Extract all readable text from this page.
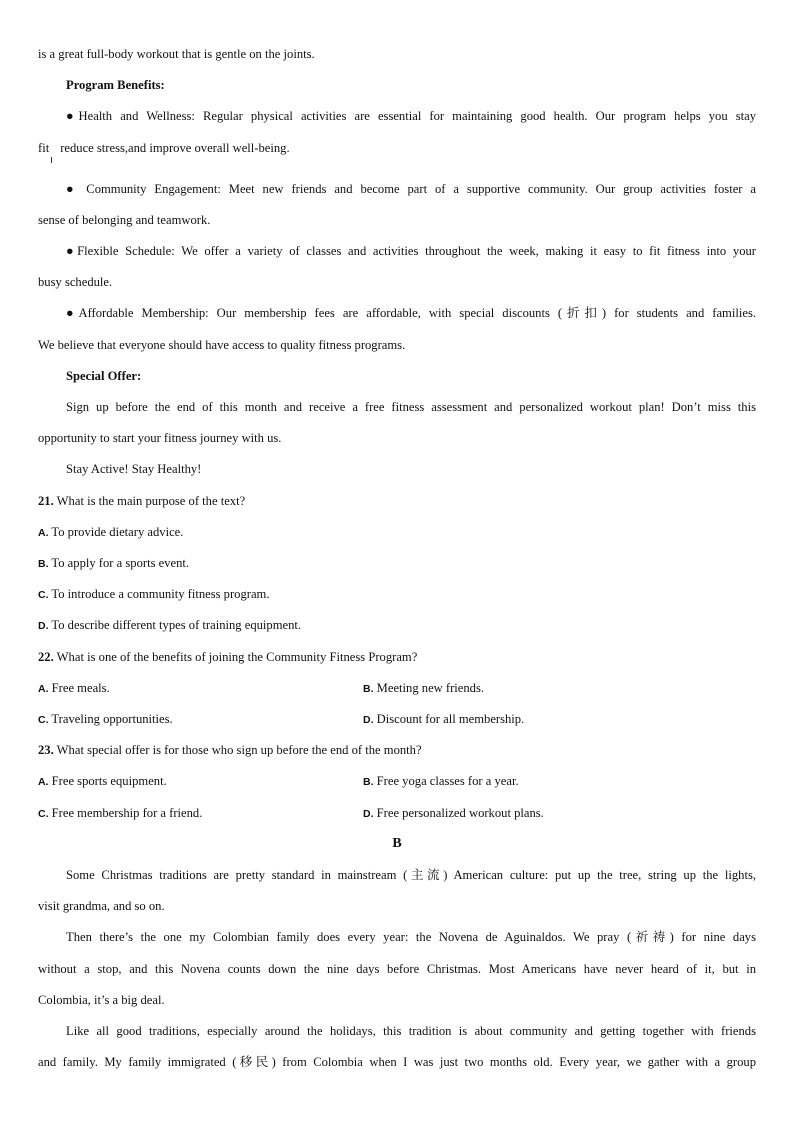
is a great full-body workout that is gentle on the joints.
Program Benefits:
●Health and Wellness: Regular physical activities are essential for maintaining good health. Our program helps you stay
fit reduce stress,and improve overall well-being.
● Community Engagement: Meet new friends and become part of a supportive community. Our group activities foster a
sense of belonging and teamwork.
●Flexible Schedule: We offer a variety of classes and activities throughout the week, making it easy to fit fitness into your
busy schedule.
●Affordable Membership: Our membership fees are affordable, with special discounts (折扣) for students and families.
We believe that everyone should have access to quality fitness programs.
Special Offer:
Sign up before the end of this month and receive a free fitness assessment and personalized workout plan! Don’t miss this
opportunity to start your fitness journey with us.
Stay Active! Stay Healthy!
21. What is the main purpose of the text?
A. To provide dietary advice.
B. To apply for a sports event.
C. To introduce a community fitness program.
D. To describe different types of training equipment.
22. What is one of the benefits of joining the Community Fitness Program?
A. Free meals.	B. Meeting new friends.
C. Traveling opportunities.	D. Discount for all membership.
23. What special offer is for those who sign up before the end of the month?
A. Free sports equipment.	B. Free yoga classes for a year.
C. Free membership for a friend.	D. Free personalized workout plans.
B
Some Christmas traditions are pretty standard in mainstream (主流) American culture: put up the tree, string up the lights,
visit grandma, and so on.
Then there’s the one my Colombian family does every year: the Novena de Aguinaldos. We pray (祈祷) for nine days
without a stop, and this Novena counts down the nine days before Christmas. Most Americans have never heard of it, but in
Colombia, it’s a big deal.
Like all good traditions, especially around the holidays, this tradition is about community and getting together with friends
and family. My family immigrated (移民) from Colombia when I was just two months old. Every year, we gather with a group
